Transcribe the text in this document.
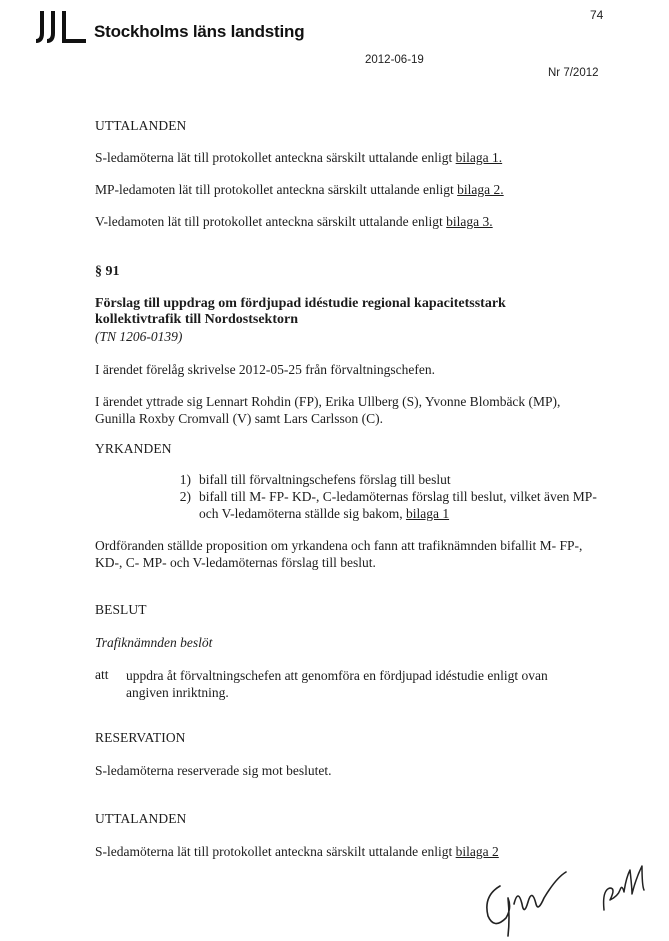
Stockholms läns landsting
74
2012-06-19
Nr 7/2012
UTTALANDEN
S-ledamöterna lät till protokollet anteckna särskilt uttalande enligt bilaga 1.
MP-ledamoten lät till protokollet anteckna särskilt uttalande enligt bilaga 2.
V-ledamoten lät till protokollet anteckna särskilt uttalande enligt bilaga 3.
§ 91
Förslag till uppdrag om fördjupad idéstudie regional kapacitetsstark
kollektivtrafik till Nordostsektorn
(TN 1206-0139)
I ärendet förelåg skrivelse 2012-05-25 från förvaltningschefen.
I ärendet yttrade sig Lennart Rohdin (FP), Erika Ullberg (S), Yvonne Blombäck (MP),
Gunilla Roxby Cromvall (V) samt Lars Carlsson (C).
YRKANDEN
1) bifall till förvaltningschefens förslag till beslut
2) bifall till M- FP- KD-, C-ledamöternas förslag till beslut, vilket även MP-
och V-ledamöterna ställde sig bakom, bilaga 1
Ordföranden ställde proposition om yrkandena och fann att trafiknämnden bifallit M- FP-,
KD-, C- MP- och V-ledamöternas förslag till beslut.
BESLUT
Trafiknämnden beslöt
att uppdra åt förvaltningschefen att genomföra en fördjupad idéstudie enligt ovan
angiven inriktning.
RESERVATION
S-ledamöterna reserverade sig mot beslutet.
UTTALANDEN
S-ledamöterna lät till protokollet anteckna särskilt uttalande enligt bilaga 2
